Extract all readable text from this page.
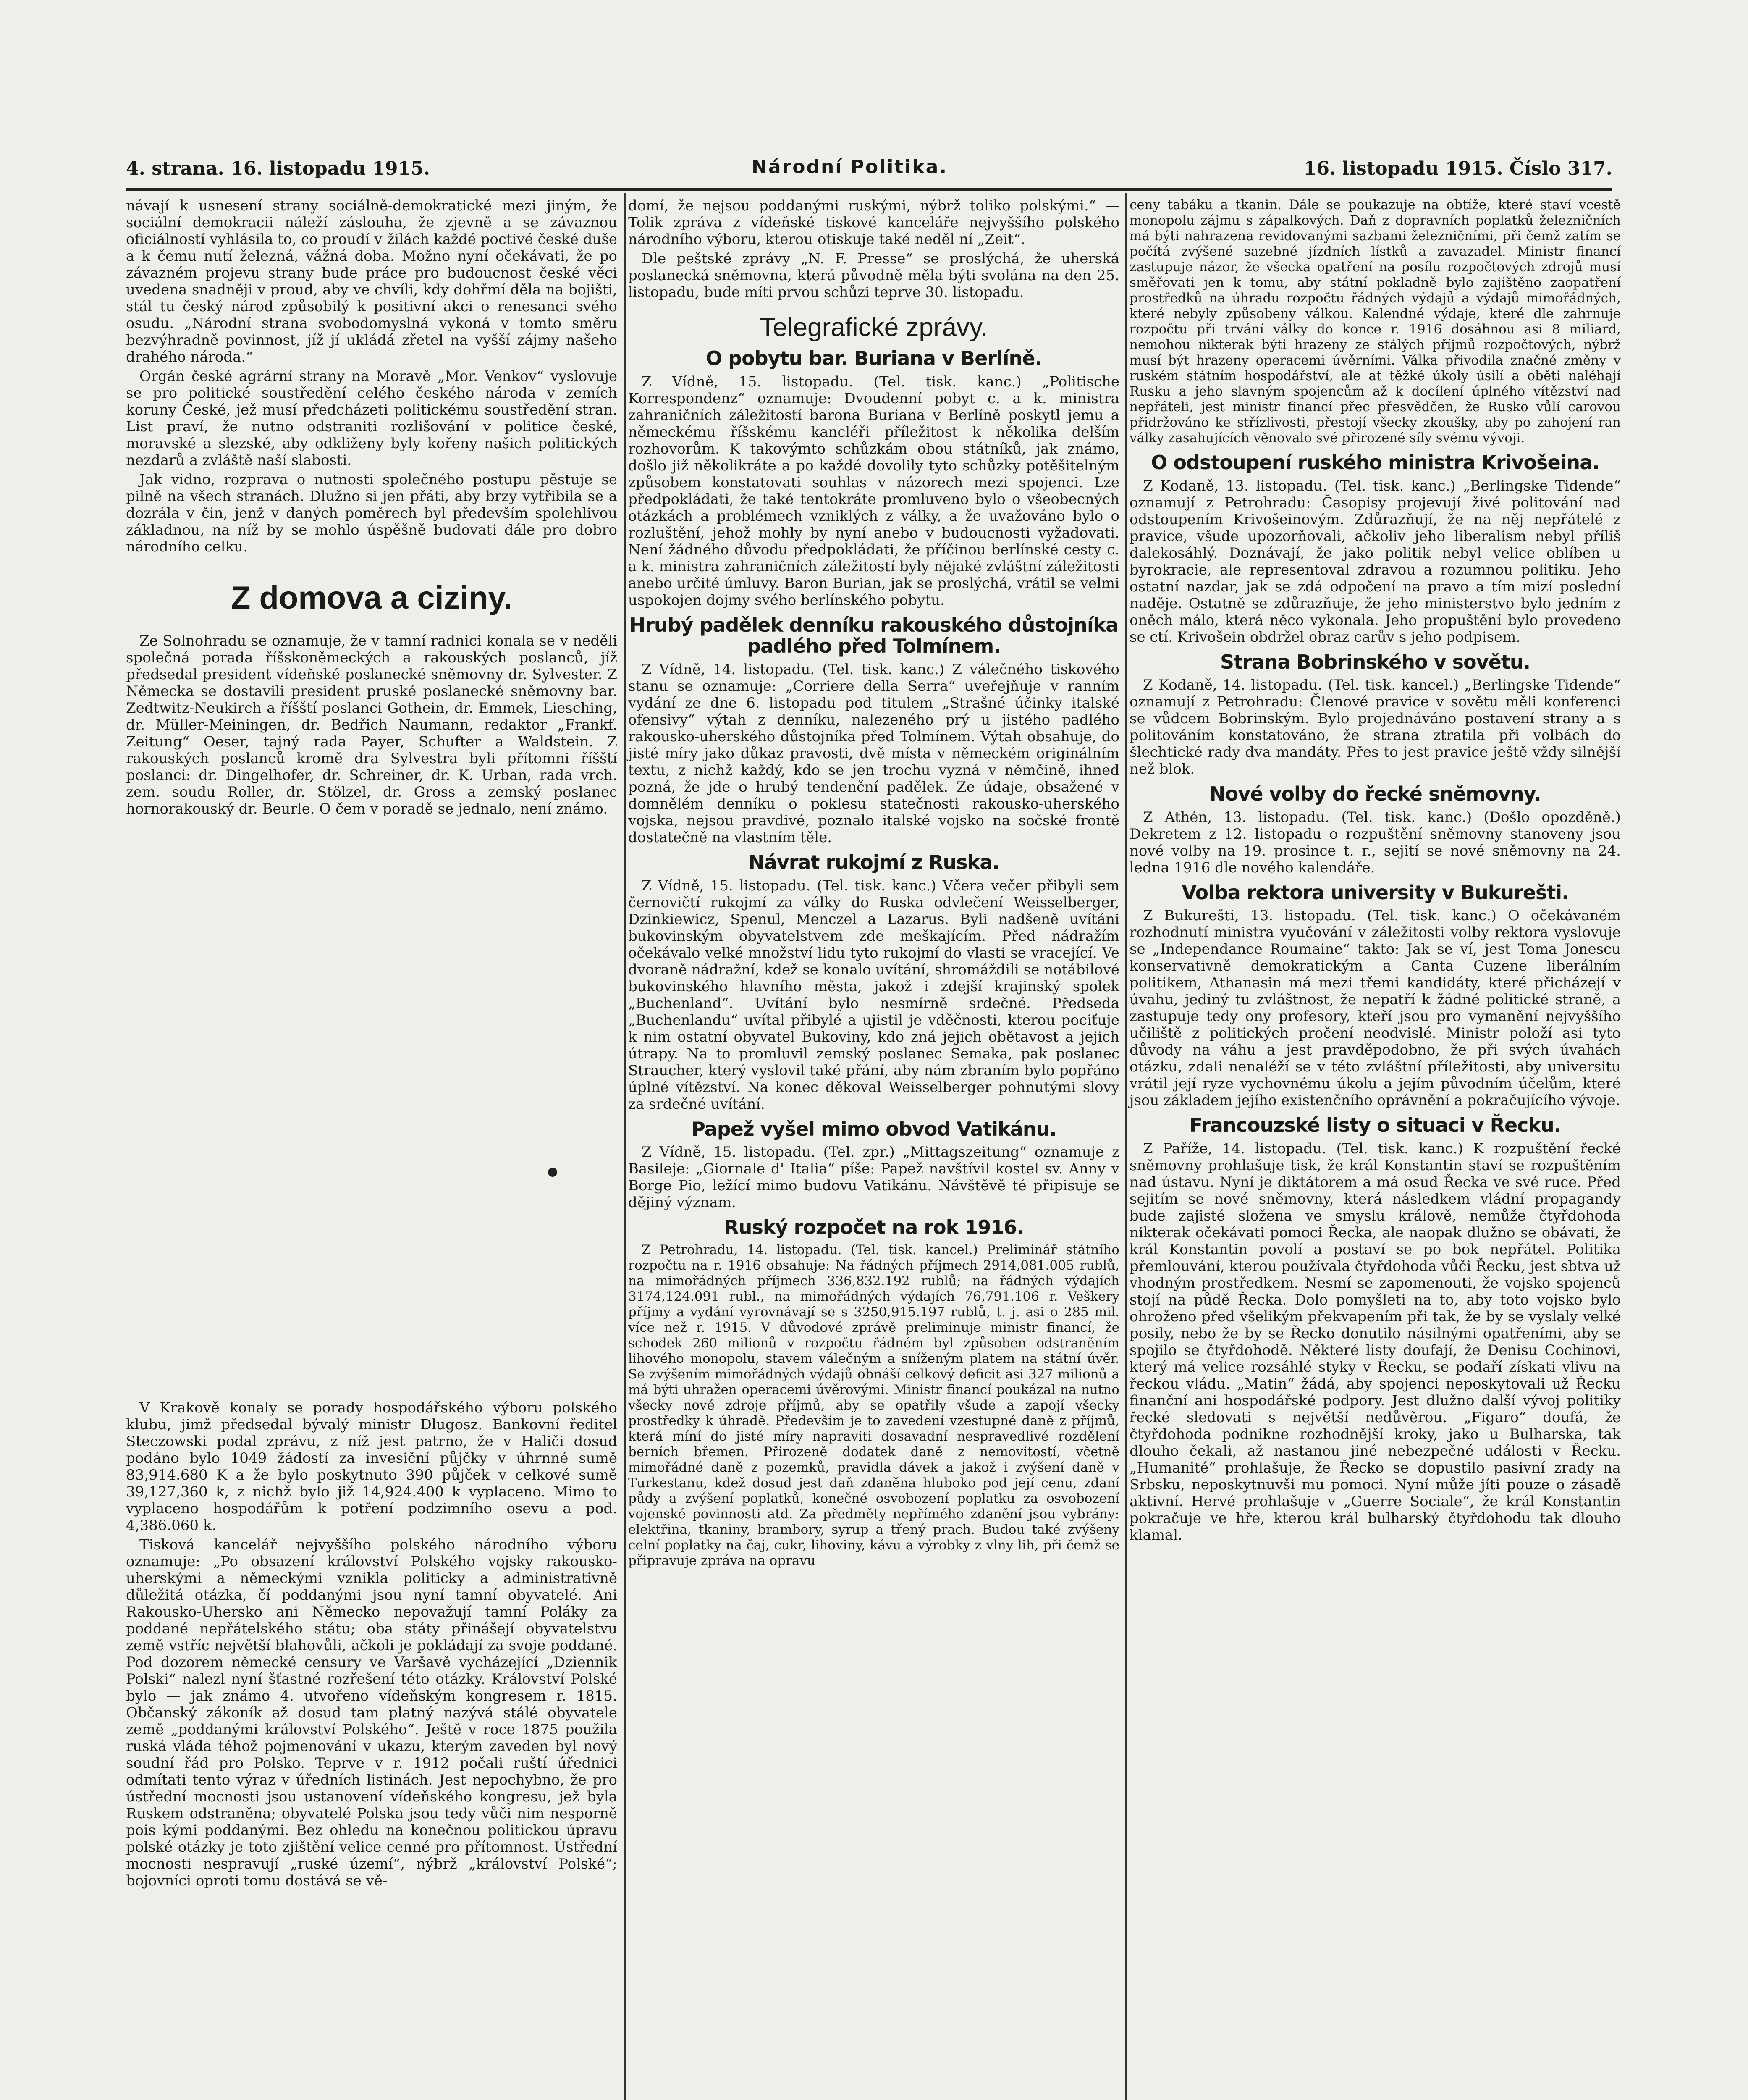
4. strana. 16. listopadu 1915.	Národní Politika.	16. listopadu 1915. Číslo 317.

návají k usnesení strany sociálně-demokratické mezi jiným, že sociální demokracii náleží záslouha, že zjevně a se závaznou oficiálností vyhlásila to, co proudí v žilách každé poctivé české duše a k čemu nutí železná, vážná doba. Možno nyní očekávati, že po závazném projevu strany bude práce pro budoucnost české věci uvedena snadněji v proud, aby ve chvíli, kdy dohřmí děla na bojišti, stál tu český národ způsobilý k positivní akci o renesanci svého osudu. „Národní strana svobodomyslná vykoná v tomto směru bezvýhradně povinnost, jíž jí ukládá zřetel na vyšší zájmy našeho drahého národa.“

Orgán české agrární strany na Moravě „Mor. Venkov“ vyslovuje se pro politické soustředění celého českého národa v zemích koruny České, jež musí předcházeti politickému soustředění stran. List praví, že nutno odstraniti rozlišování v politice české, moravské a slezské, aby odkliženy byly kořeny našich politických nezdarů a zvláště naší slabosti.

Jak vidno, rozprava o nutnosti společného postupu pěstuje se pilně na všech stranách. Dlužno si jen přáti, aby brzy vytřibila se a dozrála v čin, jenž v daných poměrech byl především spolehlivou základnou, na níž by se mohlo úspěšně budovati dále pro dobro národního celku.

Z domova a ciziny.

Ze Solnohradu se oznamuje, že v tamní radnici konala se v neděli společná porada říšskoněmeckých a rakouských poslanců, jíž předsedal president vídeňské poslanecké sněmovny dr. Sylvester. Z Německa se dostavili president pruské poslanecké sněmovny bar. Zedtwitz-Neukirch a říšští poslanci Gothein, dr. Emmek, Liesching, dr. Müller-Meiningen, dr. Bedřich Naumann, redaktor „Frankf. Zeitung“ Oeser, tajný rada Payer, Schufter a Waldstein. Z rakouských poslanců kromě dra Sylvestra byli přítomni říšští poslanci: dr. Dingelhofer, dr. Schreiner, dr. K. Urban, rada vrch. zem. soudu Roller, dr. Stölzel, dr. Gross a zemský poslanec hornorakouský dr. Beurle. O čem v poradě se jednalo, není známo.

V Krakově konaly se porady hospodářského výboru polského klubu, jimž předsedal bývalý ministr Dlugosz. Bankovní ředitel Steczowski podal zprávu, z níž jest patrno, že v Haliči dosud podáno bylo 1049 žádostí za invesiční půjčky v úhrnné sumě 83,914.680 K a že bylo poskytnuto 390 půjček v celkové sumě 39,127,360 k, z nichž bylo již 14,924.400 k vyplaceno. Mimo to vyplaceno hospodářům k potření podzimního osevu a pod. 4,386.060 k.

Tisková kancelář nejvyššího polského národního výboru oznamuje: „Po obsazení království Polského vojsky rakousko-uherskými a německými vznikla politicky a administrativně důležitá otázka, čí poddanými jsou nyní tamní obyvatelé. Ani Rakousko-Uhersko ani Německo nepovažují tamní Poláky za poddané nepřátelského státu; oba státy přinášejí obyvatelstvu země vstříc největší blahovůli, ačkoli je pokládají za svoje poddané. Pod dozorem německé censury ve Varšavě vycházející „Dziennik Polski“ nalezl nyní šťastné rozřešení této otázky. Království Polské bylo — jak známo 4. utvořeno vídeňským kongresem r. 1815. Občanský zákoník až dosud tam platný nazývá stálé obyvatele země „poddanými království Polského“. Ještě v roce 1875 použila ruská vláda téhož pojmenování v ukazu, kterým zaveden byl nový soudní řád pro Polsko. Teprve v r. 1912 počali ruští úřednici odmítati tento výraz v úředních listinách. Jest nepochybno, že pro ústřední mocnosti jsou ustanovení vídeňského kongresu, jež byla Ruskem odstraněna; obyvatelé Polska jsou tedy vůči nim nesporně pois kými poddanými. Bez ohledu na konečnou politickou úpravu polské otázky je toto zjištění velice cenné pro přítomnost. Ústřední mocnosti nespravují „ruské území“, nýbrž „království Polské“; bojovníci oproti tomu dostává se vě-

domí, že nejsou poddanými ruskými, nýbrž toliko polskými.“ — Tolik zpráva z vídeňské tiskové kanceláře nejvyššího polského národního výboru, kterou otiskuje také neděl ní „Zeit“.

Dle peštské zprávy „N. F. Presse“ se proslýchá, že uherská poslanecká sněmovna, která původně měla býti svolána na den 25. listopadu, bude míti prvou schůzi teprve 30. listopadu.

Telegrafické zprávy.
O pobytu bar. Buriana v Berlíně.

Z Vídně, 15. listopadu. (Tel. tisk. kanc.) „Politische Korrespondenz“ oznamuje: Dvoudenní pobyt c. a k. ministra zahraničních záležitostí barona Buriana v Berlíně poskytl jemu a německému říšskému kancléři příležitost k několika delším rozhovorům. K takovýmto schůzkám obou státníků, jak známo, došlo již několikráte a po každé dovolily tyto schůzky potěšitelným způsobem konstatovati souhlas v názorech mezi spojenci. Lze předpokládati, že také tentokráte promluveno bylo o všeobecných otázkách a problémech vzniklých z války, a že uvažováno bylo o rozluštění, jehož mohly by nyní anebo v budoucnosti vyžadovati. Není žádného důvodu předpokládati, že příčinou berlínské cesty c. a k. ministra zahraničních záležitostí byly nějaké zvláštní záležitosti anebo určité úmluvy. Baron Burian, jak se proslýchá, vrátil se velmi uspokojen dojmy svého berlínského pobytu.

Hrubý padělek denníku rakouského důstojníka padlého před Tolmínem.

Z Vídně, 14. listopadu. (Tel. tisk. kanc.) Z válečného tiskového stanu se oznamuje: „Corriere della Serra“ uveřejňuje v ranním vydání ze dne 6. listopadu pod titulem „Strašné účinky italské ofensivy“ výtah z denníku, nalezeného prý u jistého padlého rakousko-uherského důstojníka před Tolmínem. Výtah obsahuje, do jisté míry jako důkaz pravosti, dvě místa v německém originálním textu, z nichž každý, kdo se jen trochu vyzná v němčině, ihned pozná, že jde o hrubý tendenční padělek. Ze údaje, obsažené v domnělém denníku o poklesu statečnosti rakousko-uherského vojska, nejsou pravdivé, poznalo italské vojsko na sočské frontě dostatečně na vlastním těle.

Návrat rukojmí z Ruska.

Z Vídně, 15. listopadu. (Tel. tisk. kanc.) Včera večer přibyli sem černovičtí rukojmí za války do Ruska odvlečení Weisselberger, Dzinkiewicz, Spenul, Menczel a Lazarus. Byli nadšeně uvítáni bukovinským obyvatelstvem zde meškajícím. Před nádražím očekávalo velké množství lidu tyto rukojmí do vlasti se vracející. Ve dvoraně nádražní, kdež se konalo uvítání, shromáždili se notábilové bukovinského hlavního města, jakož i zdejší krajinský spolek „Buchenland“. Uvítání bylo nesmírně srdečné. Předseda „Buchenlandu“ uvítal přibylé a ujistil je vděčnosti, kterou pociťuje k nim ostatní obyvatel Bukoviny, kdo zná jejich obětavost a jejich útrapy. Na to promluvil zemský poslanec Semaka, pak poslanec Straucher, který vyslovil také přání, aby nám zbraním bylo popřáno úplné vítězství. Na konec děkoval Weisselberger pohnutými slovy za srdečné uvítání.

Papež vyšel mimo obvod Vatikánu.

Z Vídně, 15. listopadu. (Tel. zpr.) „Mittagszeitung“ oznamuje z Basileje: „Giornale d' Italia“ píše: Papež navštívil kostel sv. Anny v Borge Pio, ležící mimo budovu Vatikánu. Návštěvě té připisuje se dějiný význam.

Ruský rozpočet na rok 1916.

Z Petrohradu, 14. listopadu. (Tel. tisk. kancel.) Preliminář státního rozpočtu na r. 1916 obsahuje: Na řádných příjmech 2914,081.005 rublů, na mimořádných příjmech 336,832.192 rublů; na řádných výdajích 3174,124.091 rubl., na mimořádných výdajích 76,791.106 r. Veškery příjmy a vydání vyrovnávají se s 3250,915.197 rublů, t. j. asi o 285 mil. více než r. 1915. V důvodové zprávě preliminuje ministr financí, že schodek 260 milionů v rozpočtu řádném byl způsoben odstraněním lihového monopolu, stavem válečným a sníženým platem na státní úvěr. Se zvýšením mimořádných výdajů obnáší celkový deficit asi 327 milionů a má býti uhražen operacemi úvěrovými. Ministr financí poukázal na nutno všecky nové zdroje příjmů, aby se opatřily všude a zapojí všecky prostředky k úhradě. Především je to zavedení vzestupné daně z příjmů, která míní do jisté míry napraviti dosavadní nespravedlivé rozdělení berních břemen. Přirozeně dodatek daně z nemovitostí, včetně mimořádné daně z pozemků, pravidla dávek a jakož i zvýšení daně v Turkestanu, kdež dosud jest daň zdaněna hluboko pod její cenu, zdaní půdy a zvýšení poplatků, konečné osvobození poplatku za osvobození vojenské povinnosti atd. Za předměty nepřímého zdanění jsou vybrány: elektřina, tkaniny, brambory, syrup a třený prach. Budou také zvýšeny celní poplatky na čaj, cukr, lihoviny, kávu a výrobky z vlny lih, při čemž se připravuje zpráva na opravu

ceny tabáku a tkanin. Dále se poukazuje na obtíže, které staví vcestě monopolu zájmu s zápalkových. Daň z dopravních poplatků železničních má býti nahrazena revidovanými sazbami železničními, při čemž zatím se počítá zvýšené sazebné jízdních lístků a zavazadel. Ministr financí zastupuje názor, že všecka opatření na posílu rozpočtových zdrojů musí směřovati jen k tomu, aby státní pokladně bylo zajištěno zaopatření prostředků na úhradu rozpočtu řádných výdajů a výdajů mimořádných, které nebyly způsobeny válkou. Kalendné výdaje, které dle zahrnuje rozpočtu při trvání války do konce r. 1916 dosáhnou asi 8 miliard, nemohou nikterak býti hrazeny ze stálých příjmů rozpočtových, nýbrž musí být hrazeny operacemi úvěrními. Válka přivodila značné změny v ruském státním hospodářství, ale at těžké úkoly úsilí a oběti naléhají Rusku a jeho slavným spojencům až k docílení úplného vítězství nad nepřáteli, jest ministr financí přec přesvědčen, že Rusko vůlí carovou přidržováno ke střízlivosti, přestojí všecky zkoušky, aby po zahojení ran války zasahujících věnovalo své přirozené síly svému vývoji.

O odstoupení ruského ministra Krivošeina.

Z Kodaně, 13. listopadu. (Tel. tisk. kanc.) „Berlingske Tidende“ oznamují z Petrohradu: Časopisy projevují živé politování nad odstoupením Krivošeinovým. Zdůrazňují, že na něj nepřátelé z pravice, všude upozorňovali, ačkoliv jeho liberalism nebyl příliš dalekosáhlý. Doznávají, že jako politik nebyl velice oblíben u byrokracie, ale representoval zdravou a rozumnou politiku. Jeho ostatní nazdar, jak se zdá odpočení na pravo a tím mizí poslední naděje. Ostatně se zdůrazňuje, že jeho ministerstvo bylo jedním z oněch málo, která něco vykonala. Jeho propuštění bylo provedeno se ctí. Krivošein obdržel obraz carův s jeho podpisem.

Strana Bobrinského v sovětu.

Z Kodaně, 14. listopadu. (Tel. tisk. kancel.) „Berlingske Tidende“ oznamují z Petrohradu: Členové pravice v sovětu měli konferenci se vůdcem Bobrinským. Bylo projednáváno postavení strany a s politováním konstatováno, že strana ztratila při volbách do šlechtické rady dva mandáty. Přes to jest pravice ještě vždy silnější než blok.

Nové volby do řecké sněmovny.

Z Athén, 13. listopadu. (Tel. tisk. kanc.) (Došlo opozděně.) Dekretem z 12. listopadu o rozpuštění sněmovny stanoveny jsou nové volby na 19. prosince t. r., sejití se nové sněmovny na 24. ledna 1916 dle nového kalendáře.

Volba rektora university v Bukurešti.

Z Bukurešti, 13. listopadu. (Tel. tisk. kanc.) O očekávaném rozhodnutí ministra vyučování v záležitosti volby rektora vyslovuje se „Independance Roumaine“ takto: Jak se ví, jest Toma Jonescu konservativně demokratickým a Canta Cuzene liberálním politikem, Athanasin má mezi třemi kandidáty, které přicházejí v úvahu, jediný tu zvláštnost, že nepatří k žádné politické straně, a zastupuje tedy ony profesory, kteří jsou pro vymanění nejvyššího učiliště z politických pročení neodvislé. Ministr položí asi tyto důvody na váhu a jest pravděpodobno, že při svých úvahách otázku, zdali nenaléží se v této zvláštní příležitosti, aby universitu vrátil její ryze vychovnému úkolu a jejím původním účelům, které jsou základem jejího existenčního oprávnění a pokračujícího vývoje.

Francouzské listy o situaci v Řecku.

Z Paříže, 14. listopadu. (Tel. tisk. kanc.) K rozpuštění řecké sněmovny prohlašuje tisk, že král Konstantin staví se rozpuštěním nad ústavu. Nyní je diktátorem a má osud Řecka ve své ruce. Před sejitím se nové sněmovny, která následkem vládní propagandy bude zajisté složena ve smyslu králově, nemůže čtyřdohoda nikterak očekávati pomoci Řecka, ale naopak dlužno se obávati, že král Konstantin povolí a postaví se po bok nepřátel. Politika přemlouvání, kterou používala čtyřdohoda vůči Řecku, jest sbtva už vhodným prostředkem. Nesmí se zapomenouti, že vojsko spojenců stojí na půdě Řecka. Dolo pomyšleti na to, aby toto vojsko bylo ohroženo před všelikým překvapením při tak, že by se vyslaly velké posily, nebo že by se Řecko donutilo násilnými opatřeními, aby se spojilo se čtyřdohodě. Některé listy doufají, že Denisu Cochinovi, který má velice rozsáhlé styky v Řecku, se podaří získati vlivu na řeckou vládu. „Matin“ žádá, aby spojenci neposkytovali už Řecku finanční ani hospodářské podpory. Jest dlužno další vývoj politiky řecké sledovati s největší nedůvěrou. „Figaro“ doufá, že čtyřdohoda podnikne rozhodnější kroky, jako u Bulharska, tak dlouho čekali, až nastanou jiné nebezpečné události v Řecku. „Humanité“ prohlašuje, že Řecko se dopustilo pasivní zrady na Srbsku, neposkytnuvši mu pomoci. Nyní může jíti pouze o zásadě aktivní. Hervé prohlašuje v „Guerre Sociale“, že král Konstantin pokračuje ve hře, kterou král bulharský čtyřdohodu tak dlouho klamal.
